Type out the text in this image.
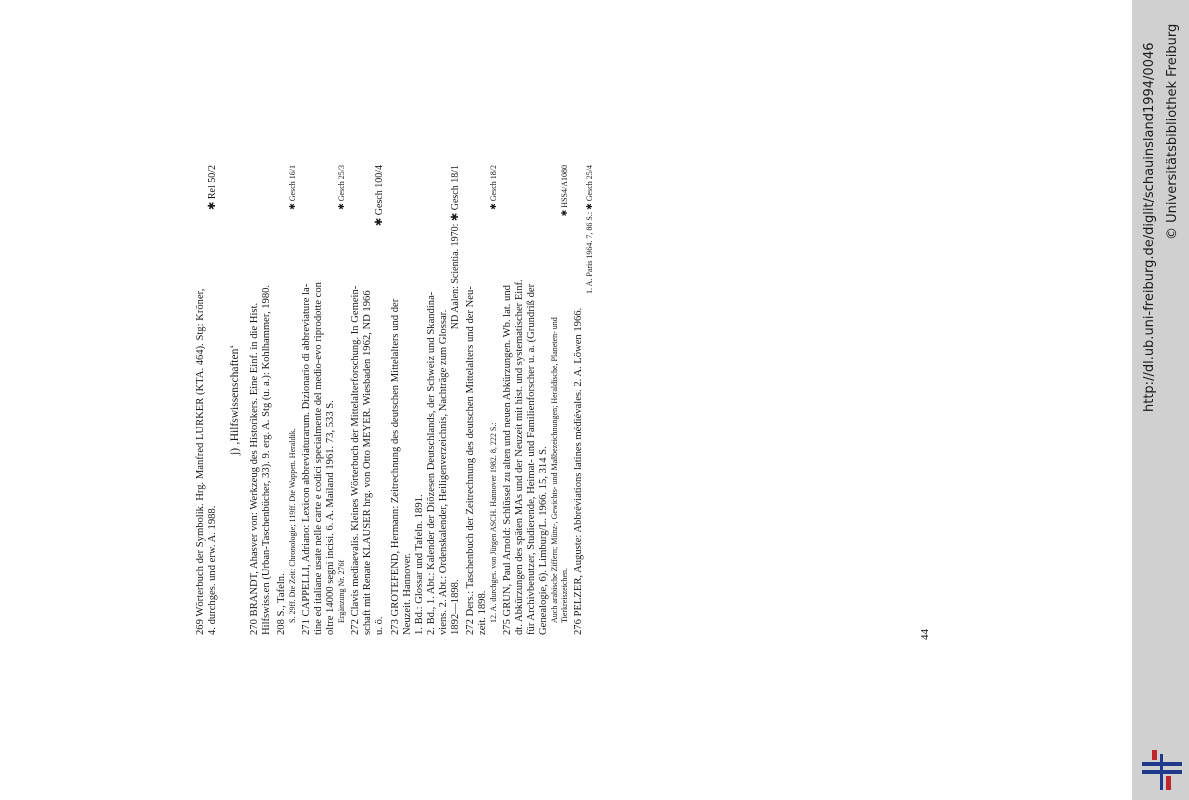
269 Wörterbuch der Symbolik. Hrg. Manfred LURKER (KTA. 464). Stg: Kröner, 4. durchges. und erw. A. 1988.
✱ Rel 50/2
j) ‚Hilfswissenschaften‘ 270 BRANDT, Ahasver von: Werkzeug des Historikers. Eine Einf. in die Hist. Hilfswiss.en (Urban-Taschenbücher, 33). 9. erg. A. Stg (u. a.): Kohlhammer, 1980. 208 S., Tafeln. S. 29ff. Die Zeit: Chronologie; 119ff. Die Wappen. Heraldik.
✱ Gesch 16/1
271 CAPPELLI, Adriano: Lexicon abbreviaturarum. Dizionario di abbreviature la- tine ed italiane usate nelle carte e codici specialmente del medio-evo riprodotte con oltre 14000 segni incisi. 6. A. Mailand 1961. 73, 533 S. Ergänzung Nr. 276f
✱ Gesch 25/3
272 Clavis mediaevalis. Kleines Wörterbuch der Mittelalterforschung. In Gemein- schaft mit Renate KLAUSER hrg. von Otto MEYER. Wiesbaden 1962, ND 1966 u. ö.
✱ Gesch 100/4
273 GROTEFEND, Hermann: Zeitrechnung des deutschen Mittelalters und der Neuzeit. Hannover. 1. Bd.: Glossar und Tafeln. 1891. 2. Bd., 1. Abt.: Kalender der Diözesen Deutschlands, der Schweiz und Skandina- viens. 2. Abt.: Ordenskalender, Heiligenverzeichnis, Nachträge zum Glossar. 1892—1898.
ND Aalen: Scientia. 1970: ✱ Gesch 18/1
272 Ders.: Taschenbuch der Zeitrechnung des deutschen Mittelalters und der Neu- zeit. 1898. 12. A. durchges. von Jürgen ASCH. Hannover 1982. 8, 222 S.:
✱ Gesch 18/2
275 GRUN, Paul Arnold: Schlüssel zu alten und neuen Abkürzungen. Wb. lat. und dt. Abkürzungen des späten MAs und der Neuzeit mit hist. und systematischer Einf. für Archivbenutzer, Studierende, Heimat- und Familienforscher u. a. (Grundriß der Genealogie, 6). Limburg/L. 1966. 15, 314 S. Auch arabische Ziffern; Münz-, Gewichts- und Maßbezeichnungen; Heraldische, Planeten- und Tierkreiszeichen.
✱ HSS4/A1080
276 PELZER, Auguste: Abbréviations latines médiévales. 2. A. Löwen 1966.
1. A. Paris 1964. 7, 86 S.: ✱ Gesch 25/4
44
http://dl.ub.uni-freiburg.de/diglit/schauinsland1994/0046 © Universitätsbibliothek Freiburg
